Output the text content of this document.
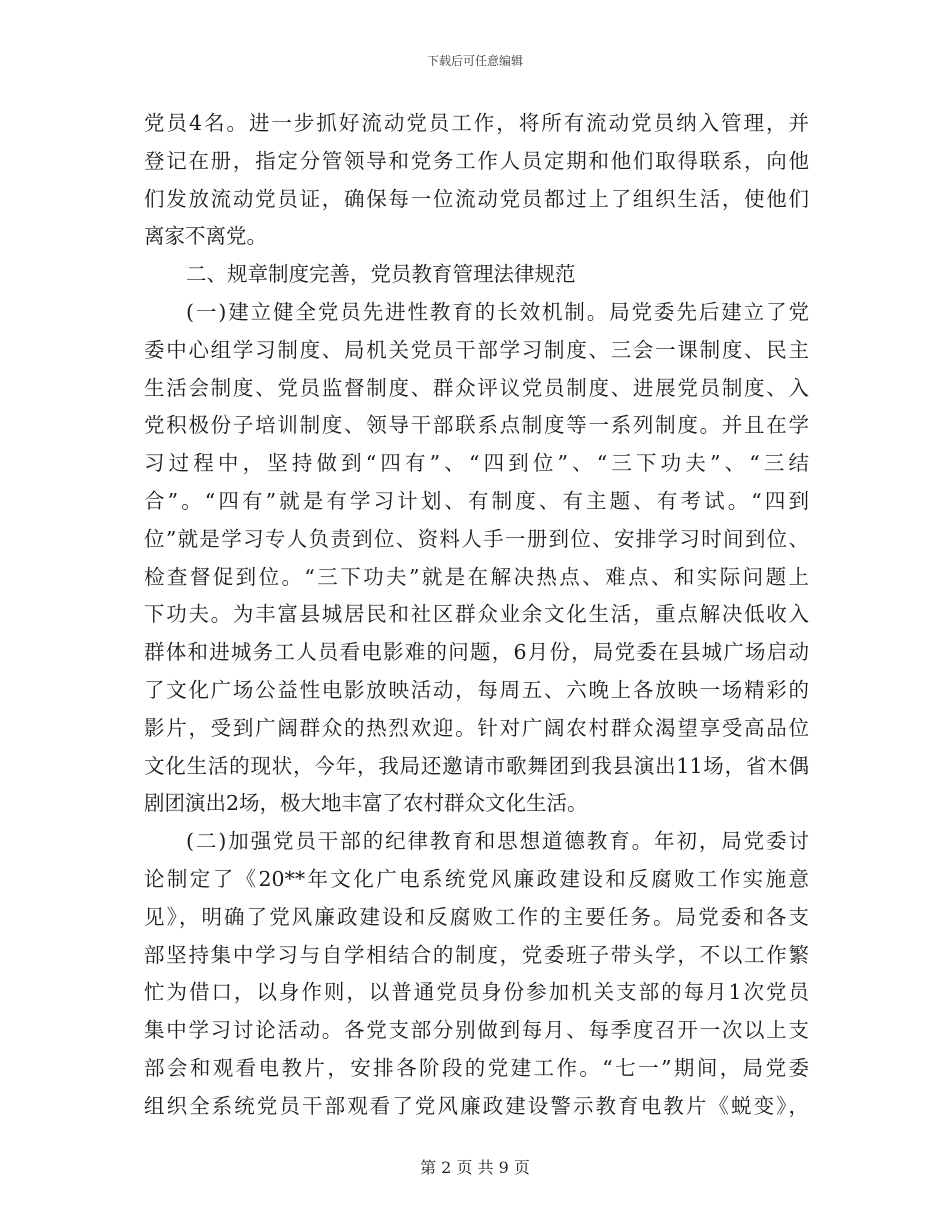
下载后可任意编辑
党员4名。进一步抓好流动党员工作，将所有流动党员纳入管理，并
登记在册，指定分管领导和党务工作人员定期和他们取得联系，向他
们发放流动党员证，确保每一位流动党员都过上了组织生活，使他们
离家不离党。
二、规章制度完善，党员教育管理法律规范
(一)建立健全党员先进性教育的长效机制。局党委先后建立了党
委中心组学习制度、局机关党员干部学习制度、三会一课制度、民主
生活会制度、党员监督制度、群众评议党员制度、进展党员制度、入
党积极份子培训制度、领导干部联系点制度等一系列制度。并且在学
习过程中，坚持做到“四有”、“四到位”、“三下功夫”、“三结
合”。“四有”就是有学习计划、有制度、有主题、有考试。“四到
位”就是学习专人负责到位、资料人手一册到位、安排学习时间到位、
检查督促到位。“三下功夫”就是在解决热点、难点、和实际问题上
下功夫。为丰富县城居民和社区群众业余文化生活，重点解决低收入
群体和进城务工人员看电影难的问题，6月份，局党委在县城广场启动
了文化广场公益性电影放映活动，每周五、六晚上各放映一场精彩的
影片，受到广阔群众的热烈欢迎。针对广阔农村群众渴望享受高品位
文化生活的现状，今年，我局还邀请市歌舞团到我县演出11场，省木偶
剧团演出2场，极大地丰富了农村群众文化生活。
(二)加强党员干部的纪律教育和思想道德教育。年初，局党委讨
论制定了《20**年文化广电系统党风廉政建设和反腐败工作实施意
见》，明确了党风廉政建设和反腐败工作的主要任务。局党委和各支
部坚持集中学习与自学相结合的制度，党委班子带头学，不以工作繁
忙为借口，以身作则，以普通党员身份参加机关支部的每月1次党员
集中学习讨论活动。各党支部分别做到每月、每季度召开一次以上支
部会和观看电教片，安排各阶段的党建工作。“七一”期间，局党委
组织全系统党员干部观看了党风廉政建设警示教育电教片《蜕变》，
第 2 页 共 9 页
